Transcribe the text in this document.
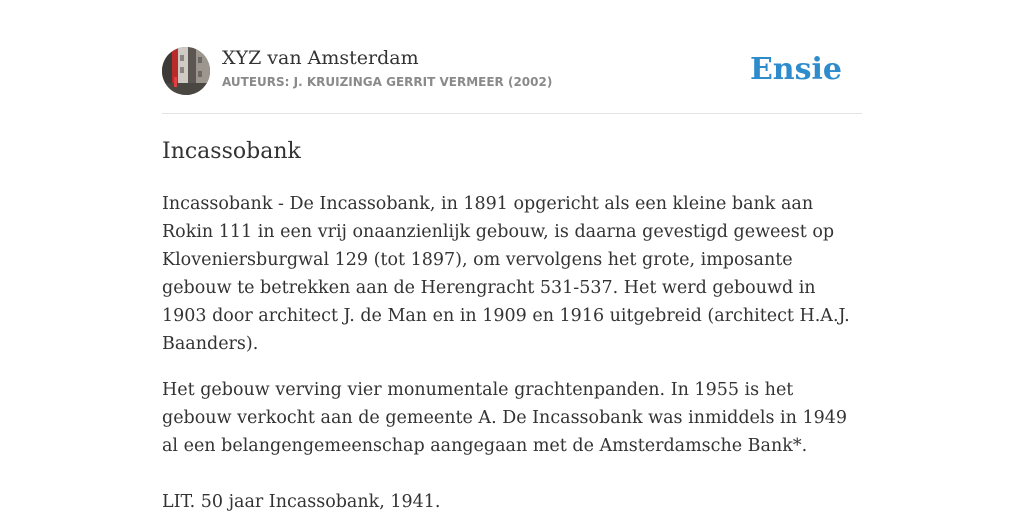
XYZ van Amsterdam
AUTEURS: J. KRUIZINGA GERRIT VERMEER (2002)	Ensie
Incassobank

Incassobank - De Incassobank, in 1891 opgericht als een kleine bank aan Rokin 111 in een vrij onaanzienlijk gebouw, is daarna gevestigd geweest op Kloveniersburgwal 129 (tot 1897), om vervolgens het grote, imposante gebouw te betrekken aan de Herengracht 531-537. Het werd gebouwd in 1903 door architect J. de Man en in 1909 en 1916 uitgebreid (architect H.A.J. Baanders).

Het gebouw verving vier monumentale grachtenpanden. In 1955 is het gebouw verkocht aan de gemeente A. De Incassobank was inmiddels in 1949 al een belangengemeenschap aangegaan met de Amsterdamsche Bank*.

LIT. 50 jaar Incassobank, 1941.
